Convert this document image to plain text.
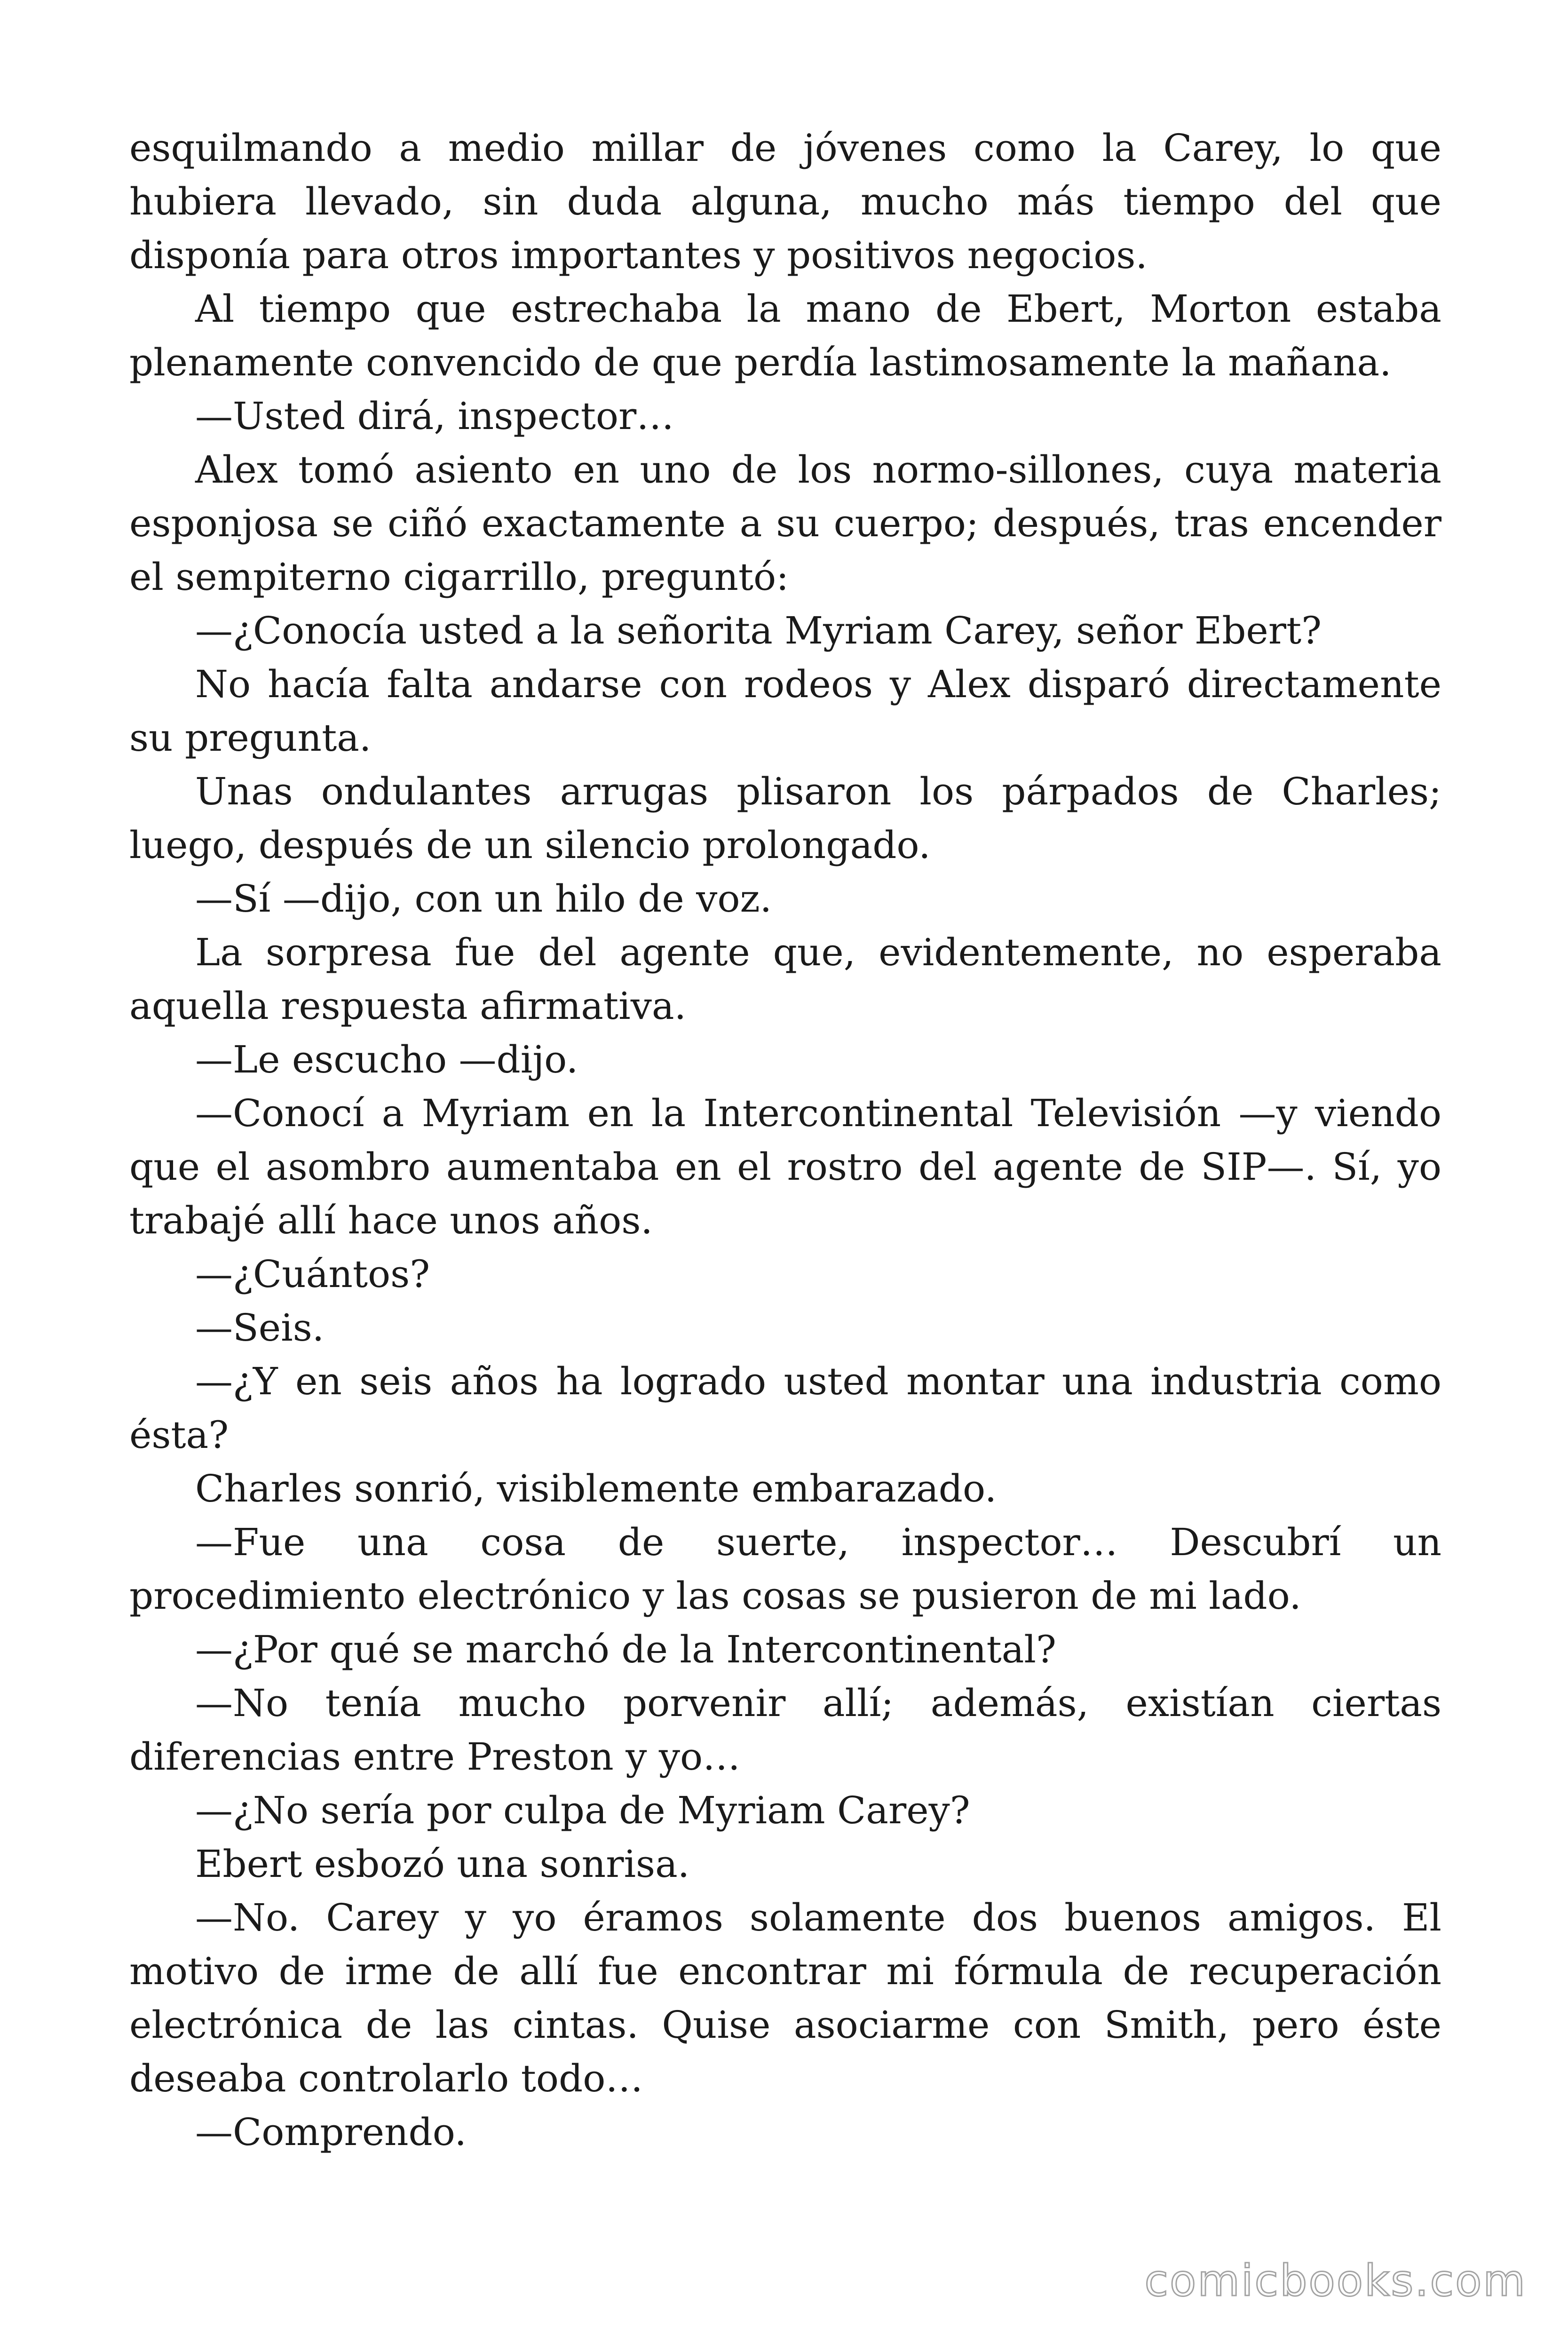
esquilmando a medio millar de jóvenes como la Carey, lo que hubiera llevado, sin duda alguna, mucho más tiempo del que disponía para otros importantes y positivos negocios.

Al tiempo que estrechaba la mano de Ebert, Morton estaba plenamente convencido de que perdía lastimosamente la mañana.

—Usted dirá, inspector…

Alex tomó asiento en uno de los normo-sillones, cuya materia esponjosa se ciñó exactamente a su cuerpo; después, tras encender el sempiterno cigarrillo, preguntó:

—¿Conocía usted a la señorita Myriam Carey, señor Ebert?

No hacía falta andarse con rodeos y Alex disparó directamente su pregunta.

Unas ondulantes arrugas plisaron los párpados de Charles; luego, después de un silencio prolongado.

—Sí —dijo, con un hilo de voz.

La sorpresa fue del agente que, evidentemente, no esperaba aquella respuesta afirmativa.

—Le escucho —dijo.

—Conocí a Myriam en la Intercontinental Televisión —y viendo que el asombro aumentaba en el rostro del agente de SIP—. Sí, yo trabajé allí hace unos años.

—¿Cuántos?

—Seis.

—¿Y en seis años ha logrado usted montar una industria como ésta?

Charles sonrió, visiblemente embarazado.

—Fue una cosa de suerte, inspector… Descubrí un procedimiento electrónico y las cosas se pusieron de mi lado.

—¿Por qué se marchó de la Intercontinental?

—No tenía mucho porvenir allí; además, existían ciertas diferencias entre Preston y yo…

—¿No sería por culpa de Myriam Carey?

Ebert esbozó una sonrisa.

—No. Carey y yo éramos solamente dos buenos amigos. El motivo de irme de allí fue encontrar mi fórmula de recuperación electrónica de las cintas. Quise asociarme con Smith, pero éste deseaba controlarlo todo…

—Comprendo.

comicbooks.com
